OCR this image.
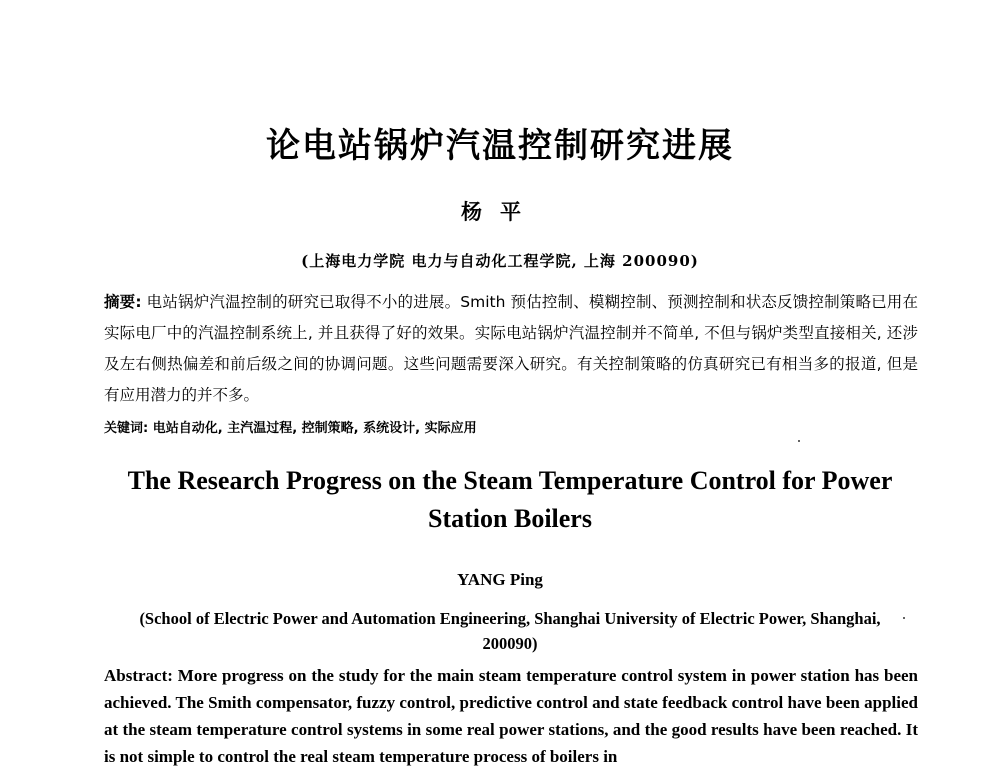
论电站锅炉汽温控制研究进展
杨平
(上海电力学院 电力与自动化工程学院, 上海 200090)
摘要: 电站锅炉汽温控制的研究已取得不小的进展。Smith 预估控制、模糊控制、预测控制和状态反馈控制策略已用在实际电厂中的汽温控制系统上, 并且获得了好的效果。实际电站锅炉汽温控制并不简单, 不但与锅炉类型直接相关, 还涉及左右侧热偏差和前后级之间的协调问题。这些问题需要深入研究。有关控制策略的仿真研究已有相当多的报道, 但是有应用潜力的并不多。
关键词: 电站自动化, 主汽温过程, 控制策略, 系统设计, 实际应用
The Research Progress on the Steam Temperature Control for Power Station Boilers
YANG Ping
(School of Electric Power and Automation Engineering, Shanghai University of Electric Power, Shanghai, 200090)
Abstract: More progress on the study for the main steam temperature control system in power station has been achieved. The Smith compensator, fuzzy control, predictive control and state feedback control have been applied at the steam temperature control systems in some real power stations, and the good results have been reached. It is not simple to control the real steam temperature process of boilers in
